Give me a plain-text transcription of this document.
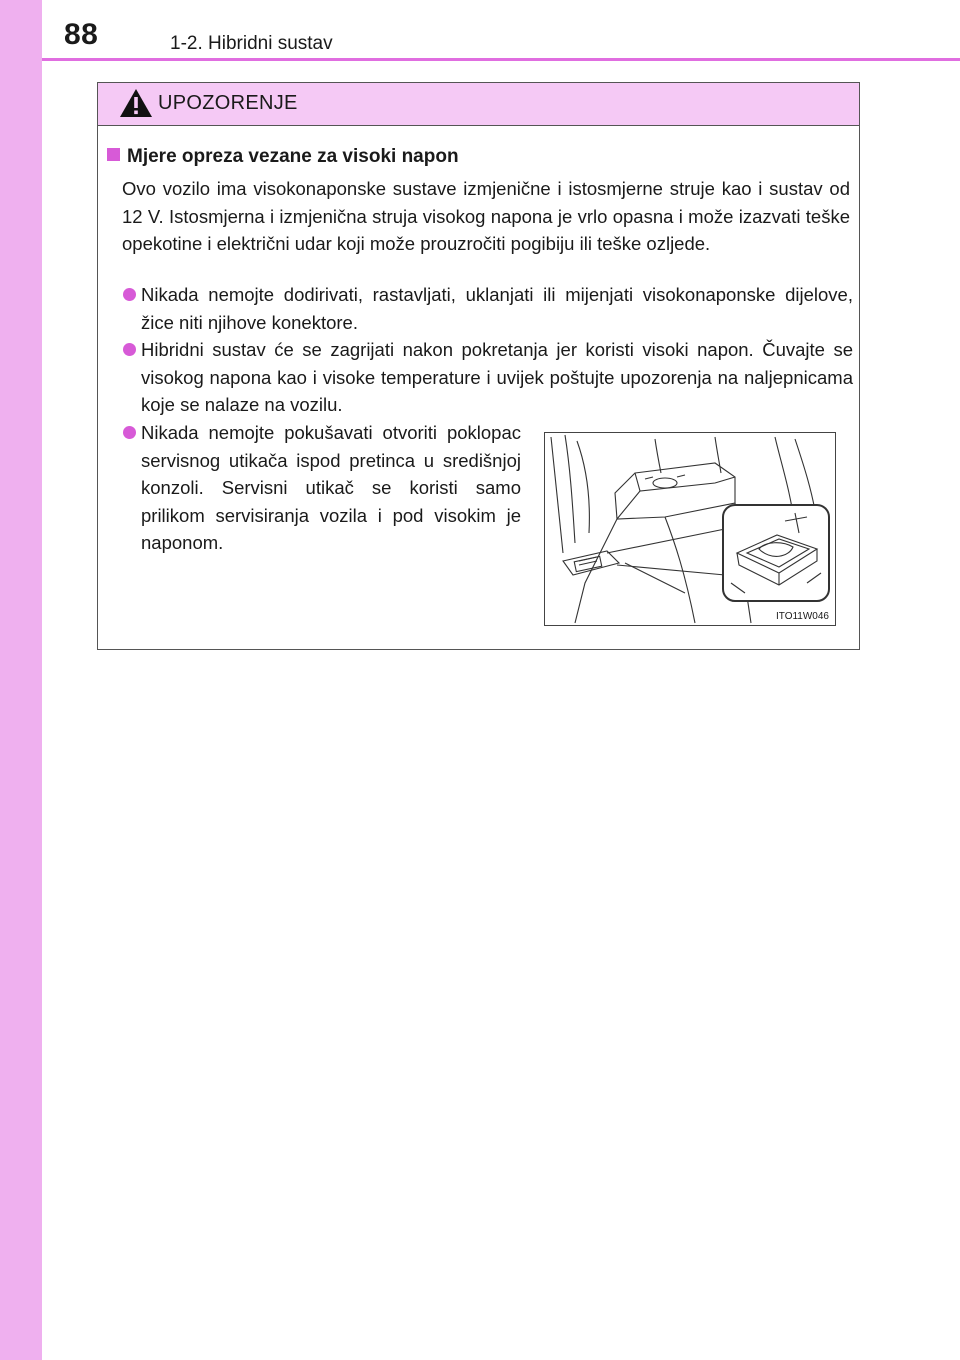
88	1-2. Hibridni sustav
UPOZORENJE
Mjere opreza vezane za visoki napon
Ovo vozilo ima visokonaponske sustave izmjenične i istosmjerne struje kao i sustav od 12 V. Istosmjerna i izmjenična struja visokog napona je vrlo opasna i može izazvati teške opekotine i električni udar koji može prouzročiti pogibiju ili teške ozljede.
Nikada nemojte dodirivati, rastavljati, uklanjati ili mijenjati visokonaponske dijelove, žice niti njihove konektore.
Hibridni sustav će se zagrijati nakon pokretanja jer koristi visoki napon. Čuvajte se visokog napona kao i visoke temperature i uvijek poštujte upozorenja na naljepnicama koje se nalaze na vozilu.
Nikada nemojte pokušavati otvoriti poklopac servisnog utikača ispod pretinca u središnjoj konzoli. Servisni utikač se koristi samo prilikom servisiranja vozila i pod visokim je naponom.
ITO11W046
